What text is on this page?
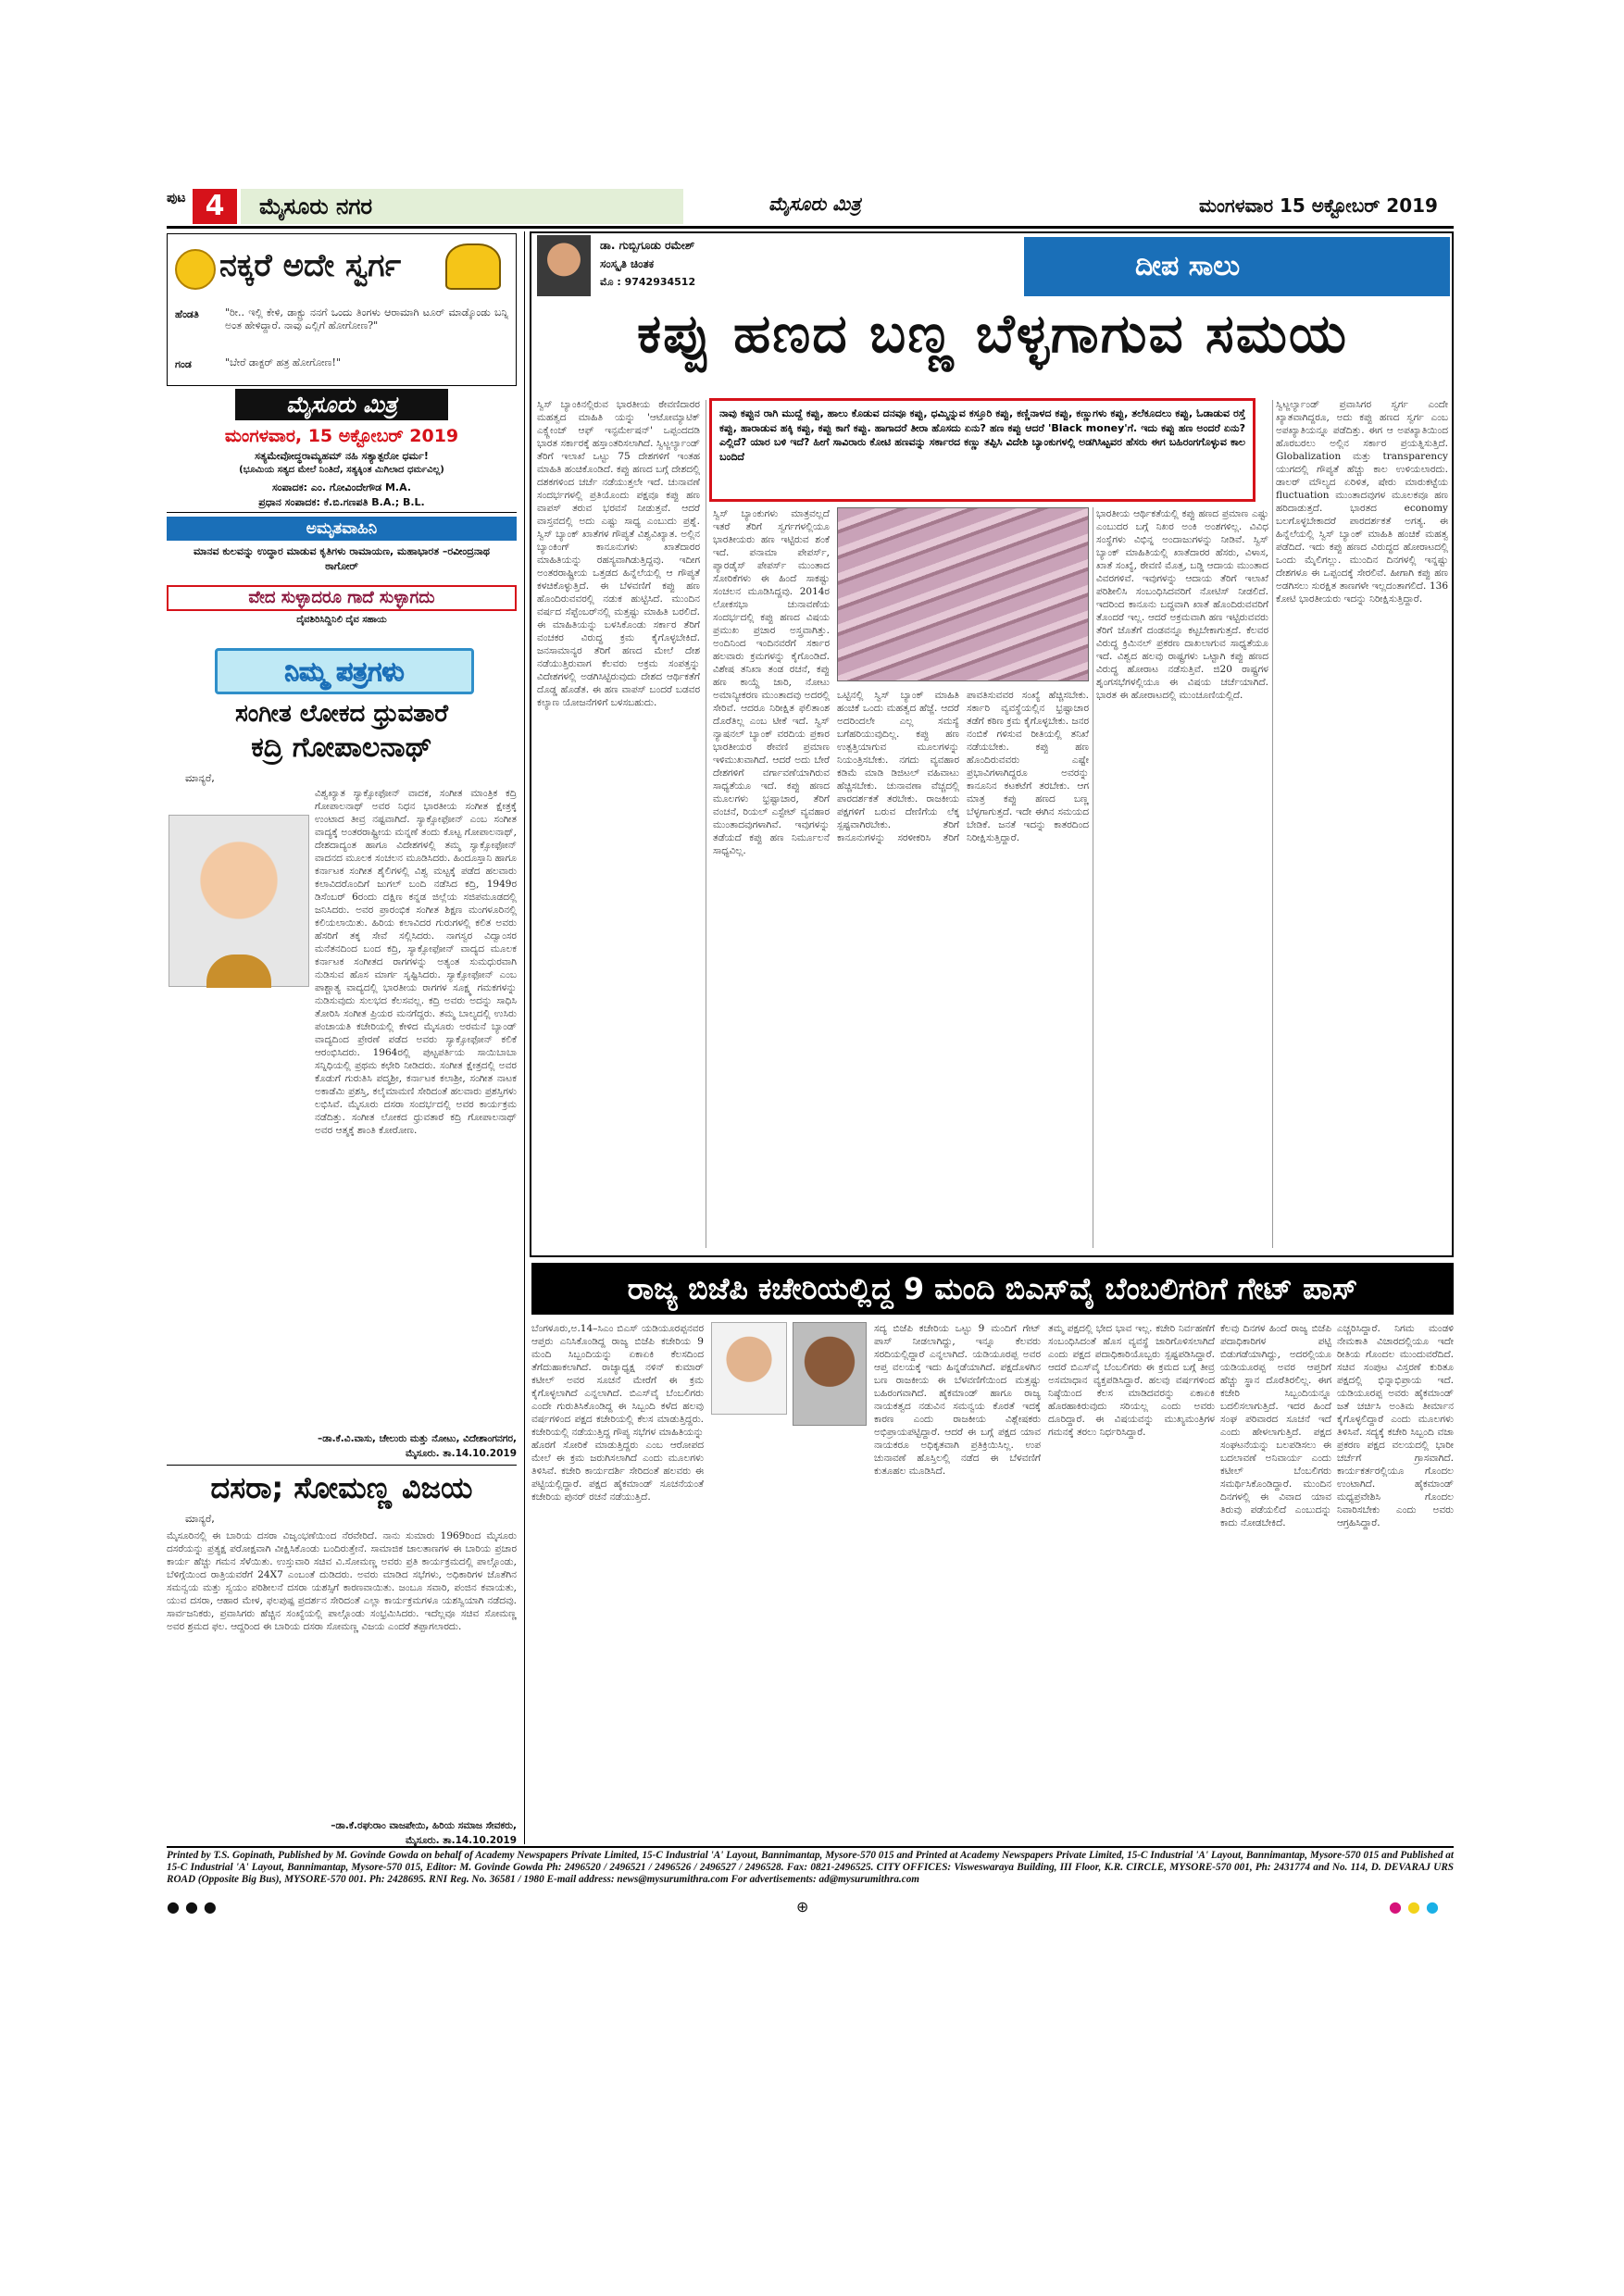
ಪುಟ 4	ಮೈಸೂರು ನಗರ	ಮೈಸೂರು ಮಿತ್ರ	ಮಂಗಳವಾರ 15 ಅಕ್ಟೋಬರ್ 2019
ನಕ್ಕರೆ ಅದೇ ಸ್ವರ್ಗ
ಹೆಂಡತಿ	"ರೀ.. ಇಲ್ಲಿ ಕೇಳಿ, ಡಾಕ್ಟ್ರು ನನಗೆ ಒಂದು ತಿಂಗಳು ಆರಾಮಾಗಿ ಟೂರ್ ಮಾಡ್ಕೊಂಡು ಬನ್ನಿ ಅಂತ ಹೇಳಿದ್ದಾರೆ. ನಾವು ಎಲ್ಲಿಗೆ ಹೋಗೋಣ?"
ಗಂಡ	"ಬೇರೆ ಡಾಕ್ಟರ್ ಹತ್ರ ಹೋಗೋಣ!"
ಮೈಸೂರು ಮಿತ್ರ
ಮಂಗಳವಾರ, 15 ಅಕ್ಟೋಬರ್ 2019
ಸತ್ಯಮೇವೋದ್ಧರಾಮ್ಯಹಮ್ ನಹಿ ಸತ್ಯಾತ್ಪರೋ ಧರ್ಮ!
(ಭೂಮಿಯ ಸತ್ಯದ ಮೇಲೆ ನಿಂತಿದೆ, ಸತ್ಯಕ್ಕಿಂತ ಮಿಗಿಲಾದ ಧರ್ಮವಿಲ್ಲ)
ಸಂಪಾದಕ: ಎಂ. ಗೋವಿಂದೇಗೌಡ M.A.
ಪ್ರಧಾನ ಸಂಪಾದಕ: ಕೆ.ಬಿ.ಗಣಪತಿ B.A.; B.L.
ಅಮೃತವಾಹಿನಿ
ಮಾನವ ಕುಲವನ್ನು ಉದ್ಧಾರ ಮಾಡುವ ಕೃತಿಗಳು ರಾಮಾಯಣ, ಮಹಾಭಾರತ –ರವೀಂದ್ರನಾಥ ಠಾಗೋರ್
ವೇದ ಸುಳ್ಳಾದರೂ ಗಾದೆ ಸುಳ್ಳಾಗದು
ದೈವಶಿರಿಸಿದ್ದಿನಿಲಿ ದೈವ ಸಹಾಯ
ನಿಮ್ಮ ಪತ್ರಗಳು
ಸಂಗೀತ ಲೋಕದ ಧ್ರುವತಾರೆ
ಕದ್ರಿ ಗೋಪಾಲನಾಥ್
ಮಾನ್ಯರೆ,
ವಿಶ್ವಖ್ಯಾತ ಸ್ಯಾಕ್ಸೋಫೋನ್ ವಾದಕ, ಸಂಗೀತ ಮಾಂತ್ರಿಕ ಕದ್ರಿ ಗೋಪಾಲನಾಥ್ ಅವರ ನಿಧನ ಭಾರತೀಯ ಸಂಗೀತ ಕ್ಷೇತ್ರಕ್ಕೆ ಉಂಟಾದ ತೀವ್ರ ನಷ್ಟವಾಗಿದೆ. ಸ್ಯಾಕ್ಸೋಫೋನ್ ಎಂಬ ಸಂಗೀತ ವಾದ್ಯಕ್ಕೆ ಅಂತರರಾಷ್ಟ್ರೀಯ ಮನ್ನಣೆ ತಂದು ಕೊಟ್ಟ ಗೋಪಾಲನಾಥ್, ದೇಶದಾದ್ಯಂತ ಹಾಗೂ ವಿದೇಶಗಳಲ್ಲಿ ತಮ್ಮ ಸ್ಯಾಕ್ಸೋಫೋನ್ ವಾದನದ ಮೂಲಕ ಸಂಚಲನ ಮೂಡಿಸಿದರು. ಹಿಂದೂಸ್ತಾನಿ ಹಾಗೂ ಕರ್ನಾಟಕ ಸಂಗೀತ ಶೈಲಿಗಳಲ್ಲಿ ವಿಶ್ವ ಮಟ್ಟಕ್ಕೆ ಪಡೆದ ಹಲವಾರು ಕಲಾವಿದರೊಂದಿಗೆ ಜುಗಲ್ ಬಂದಿ ನಡೆಸಿದ ಕದ್ರಿ, 1949ರ ಡಿಸೆಂಬರ್ 6ರಂದು ದಕ್ಷಿಣ ಕನ್ನಡ ಜಿಲ್ಲೆಯ ಸಜಿಪಮೂಡದಲ್ಲಿ ಜನಿಸಿದರು. ಅವರ ಪ್ರಾರಂಭಿಕ ಸಂಗೀತ ಶಿಕ್ಷಣ ಮಂಗಳೂರಿನಲ್ಲಿ ಕಲಿಯಲಾಯಿತು. ಹಿರಿಯ ಕಲಾವಿದರ ಗುರುಗಳಲ್ಲಿ ಕಲಿತ ಅವರು ಹೆಸರಿಗೆ ತಕ್ಕ ಸೇವೆ ಸಲ್ಲಿಸಿದರು. ನಾಗಸ್ವರ ವಿದ್ವಾಂಸರ ಮನೆತನದಿಂದ ಬಂದ ಕದ್ರಿ, ಸ್ಯಾಕ್ಸೋಫೋನ್ ವಾದ್ಯದ ಮೂಲಕ ಕರ್ನಾಟಕ ಸಂಗೀತದ ರಾಗಗಳನ್ನು ಅತ್ಯಂತ ಸುಮಧುರವಾಗಿ ನುಡಿಸುವ ಹೊಸ ಮಾರ್ಗ ಸೃಷ್ಟಿಸಿದರು. ಸ್ಯಾಕ್ಸೋಫೋನ್ ಎಂಬ ಪಾಶ್ಚಾತ್ಯ ವಾದ್ಯದಲ್ಲಿ ಭಾರತೀಯ ರಾಗಗಳ ಸೂಕ್ಷ್ಮ ಗಮಕಗಳನ್ನು ನುಡಿಸುವುದು ಸುಲಭದ ಕೆಲಸವಲ್ಲ. ಕದ್ರಿ ಅವರು ಅದನ್ನು ಸಾಧಿಸಿ ತೋರಿಸಿ ಸಂಗೀತ ಪ್ರಿಯರ ಮನಗೆದ್ದರು. ತಮ್ಮ ಬಾಲ್ಯದಲ್ಲಿ ಉಸಿರು ಪಂಚಾಯತಿ ಕಚೇರಿಯಲ್ಲಿ ಕೇಳಿದ ಮೈಸೂರು ಅರಮನೆ ಬ್ಯಾಂಡ್ ವಾದ್ಯದಿಂದ ಪ್ರೇರಣೆ ಪಡೆದ ಅವರು ಸ್ಯಾಕ್ಸೋಫೋನ್ ಕಲಿಕೆ ಆರಂಭಿಸಿದರು. 1964ರಲ್ಲಿ ಪುಟ್ಟಪರ್ತಿಯ ಸಾಯಿಬಾಬಾ ಸನ್ನಿಧಿಯಲ್ಲಿ ಪ್ರಥಮ ಕಛೇರಿ ನೀಡಿದರು. ಸಂಗೀತ ಕ್ಷೇತ್ರದಲ್ಲಿ ಅವರ ಕೊಡುಗೆ ಗುರುತಿಸಿ ಪದ್ಮಶ್ರೀ, ಕರ್ನಾಟಕ ಕಲಾಶ್ರೀ, ಸಂಗೀತ ನಾಟಕ ಅಕಾಡೆಮಿ ಪ್ರಶಸ್ತಿ, ಕಲೈಮಾಮಣಿ ಸೇರಿದಂತೆ ಹಲವಾರು ಪ್ರಶಸ್ತಿಗಳು ಲಭಿಸಿವೆ. ಮೈಸೂರು ದಸರಾ ಸಂದರ್ಭದಲ್ಲಿ ಅವರ ಕಾರ್ಯಕ್ರಮ ನಡೆದಿತ್ತು. ಸಂಗೀತ ಲೋಕದ ಧ್ರುವತಾರೆ ಕದ್ರಿ ಗೋಪಾಲನಾಥ್ ಅವರ ಆತ್ಮಕ್ಕೆ ಶಾಂತಿ ಕೋರೋಣ.
–ಡಾ.ಕೆ.ವಿ.ವಾಸು, ಚೇಲುರು ಮತ್ತು ನೋಟು, ವಿದೇಶಾಂಗನಗರ,
ಮೈಸೂರು. ತಾ.14.10.2019
ದಸರಾ; ಸೋಮಣ್ಣ ವಿಜಯ
ಮಾನ್ಯರೆ,
ಮೈಸೂರಿನಲ್ಲಿ ಈ ಬಾರಿಯ ದಸರಾ ವಿಜೃಂಭಣೆಯಿಂದ ನೆರವೇರಿದೆ. ನಾನು ಸುಮಾರು 1969ರಿಂದ ಮೈಸೂರು ದಸರೆಯನ್ನು ಪ್ರತ್ಯಕ್ಷ ಪರೋಕ್ಷವಾಗಿ ವೀಕ್ಷಿಸಿಕೊಂಡು ಬಂದಿರುತ್ತೇನೆ. ಸಾಮಾಜಿಕ ಜಾಲತಾಣಗಳ ಈ ಬಾರಿಯ ಪ್ರಚಾರ ಕಾರ್ಯ ಹೆಚ್ಚು ಗಮನ ಸೆಳೆಯಿತು. ಉಸ್ತುವಾರಿ ಸಚಿವ ವಿ.ಸೋಮಣ್ಣ ಅವರು ಪ್ರತಿ ಕಾರ್ಯಕ್ರಮದಲ್ಲಿ ಪಾಲ್ಗೊಂಡು, ಬೆಳಿಗ್ಗೆಯಿಂದ ರಾತ್ರಿಯವರೆಗೆ 24X7 ಎಂಬಂತೆ ದುಡಿದರು. ಅವರು ಮಾಡಿದ ಸಭೆಗಳು, ಅಧಿಕಾರಿಗಳ ಜೊತೆಗಿನ ಸಮನ್ವಯ ಮತ್ತು ಸ್ವಯಂ ಪರಿಶೀಲನೆ ದಸರಾ ಯಶಸ್ಸಿಗೆ ಕಾರಣವಾಯಿತು. ಜಂಬೂ ಸವಾರಿ, ಪಂಜಿನ ಕವಾಯತು, ಯುವ ದಸರಾ, ಆಹಾರ ಮೇಳ, ಫಲಪುಷ್ಪ ಪ್ರದರ್ಶನ ಸೇರಿದಂತೆ ಎಲ್ಲಾ ಕಾರ್ಯಕ್ರಮಗಳೂ ಯಶಸ್ವಿಯಾಗಿ ನಡೆದವು. ಸಾರ್ವಜನಿಕರು, ಪ್ರವಾಸಿಗರು ಹೆಚ್ಚಿನ ಸಂಖ್ಯೆಯಲ್ಲಿ ಪಾಲ್ಗೊಂಡು ಸಂಭ್ರಮಿಸಿದರು. ಇದೆಲ್ಲವೂ ಸಚಿವ ಸೋಮಣ್ಣ ಅವರ ಶ್ರಮದ ಫಲ. ಆದ್ದರಿಂದ ಈ ಬಾರಿಯ ದಸರಾ ಸೋಮಣ್ಣ ವಿಜಯ ಎಂದರೆ ತಪ್ಪಾಗಲಾರದು.
–ಡಾ.ಕೆ.ರಘುರಾಂ ವಾಜಪೇಯಿ, ಹಿರಿಯ ಸಮಾಜ ಸೇವಕರು,
ಮೈಸೂರು. ತಾ.14.10.2019
ಡಾ. ಗುಬ್ಬಿಗೂಡು ರಮೇಶ್
ಸಂಸ್ಕೃತಿ ಚಿಂತಕ
ಮೊ : 9742934512	ದೀಪ ಸಾಲು
ಕಪ್ಪು ಹಣದ ಬಣ್ಣ ಬೆಳ್ಳಗಾಗುವ ಸಮಯ
ಸ್ವಿಸ್ ಬ್ಯಾಂಕಿನಲ್ಲಿರುವ ಭಾರತೀಯ ಠೇವಣಿದಾರರ ಮಹತ್ವದ ಮಾಹಿತಿ ಯನ್ನು 'ಆಟೋಮ್ಯಾಟಿಕ್ ಎಕ್ಸ್ಚೇಂಜ್ ಆಫ್ ಇನ್ಫರ್ಮೇಷನ್' ಒಪ್ಪಂದದಡಿ ಭಾರತ ಸರ್ಕಾರಕ್ಕೆ ಹಸ್ತಾಂತರಿಸಲಾಗಿದೆ. ಸ್ವಿಟ್ಜರ್ಲ್ಯಾಂಡ್ ತೆರಿಗೆ ಇಲಾಖೆ ಒಟ್ಟು 75 ದೇಶಗಳಿಗೆ ಇಂತಹ ಮಾಹಿತಿ ಹಂಚಿಕೊಂಡಿದೆ. ಕಪ್ಪು ಹಣದ ಬಗ್ಗೆ ದೇಶದಲ್ಲಿ ದಶಕಗಳಿಂದ ಚರ್ಚೆ ನಡೆಯುತ್ತಲೇ ಇದೆ. ಚುನಾವಣೆ ಸಂದರ್ಭಗಳಲ್ಲಿ ಪ್ರತಿಯೊಂದು ಪಕ್ಷವೂ ಕಪ್ಪು ಹಣ ವಾಪಸ್ ತರುವ ಭರವಸೆ ನೀಡುತ್ತವೆ. ಆದರೆ ವಾಸ್ತವದಲ್ಲಿ ಅದು ಎಷ್ಟು ಸಾಧ್ಯ ಎಂಬುದು ಪ್ರಶ್ನೆ. ಸ್ವಿಸ್ ಬ್ಯಾಂಕ್ ಖಾತೆಗಳ ಗೌಪ್ಯತೆ ವಿಶ್ವವಿಖ್ಯಾತ. ಅಲ್ಲಿನ ಬ್ಯಾಂಕಿಂಗ್ ಕಾನೂನುಗಳು ಖಾತೆದಾರರ ಮಾಹಿತಿಯನ್ನು ರಹಸ್ಯವಾಗಿಡುತ್ತಿದ್ದವು. ಇದೀಗ ಅಂತರರಾಷ್ಟ್ರೀಯ ಒತ್ತಡದ ಹಿನ್ನೆಲೆಯಲ್ಲಿ ಆ ಗೌಪ್ಯತೆ ಕಳಚಿಕೊಳ್ಳುತ್ತಿದೆ. ಈ ಬೆಳವಣಿಗೆ ಕಪ್ಪು ಹಣ ಹೊಂದಿರುವವರಲ್ಲಿ ನಡುಕ ಹುಟ್ಟಿಸಿದೆ. ಮುಂದಿನ ವರ್ಷದ ಸೆಪ್ಟೆಂಬರ್‌ನಲ್ಲಿ ಮತ್ತಷ್ಟು ಮಾಹಿತಿ ಬರಲಿದೆ. ಈ ಮಾಹಿತಿಯನ್ನು ಬಳಸಿಕೊಂಡು ಸರ್ಕಾರ ತೆರಿಗೆ ವಂಚಕರ ವಿರುದ್ಧ ಕ್ರಮ ಕೈಗೊಳ್ಳಬೇಕಿದೆ. ಜನಸಾಮಾನ್ಯರ ತೆರಿಗೆ ಹಣದ ಮೇಲೆ ದೇಶ ನಡೆಯುತ್ತಿರುವಾಗ ಕೆಲವರು ಅಕ್ರಮ ಸಂಪತ್ತನ್ನು ವಿದೇಶಗಳಲ್ಲಿ ಅಡಗಿಸಿಟ್ಟಿರುವುದು ದೇಶದ ಆರ್ಥಿಕತೆಗೆ ದೊಡ್ಡ ಹೊಡೆತ. ಈ ಹಣ ವಾಪಸ್ ಬಂದರೆ ಬಡವರ ಕಲ್ಯಾಣ ಯೋಜನೆಗಳಿಗೆ ಬಳಸಬಹುದು.
ನಾವು ಕಪ್ಪುನ ರಾಗಿ ಮುದ್ದೆ ಕಪ್ಪು, ಹಾಲು ಕೊಡುವ ದನವೂ ಕಪ್ಪು, ಧಮ್ಮಿನ್ನುವ ಕಸ್ತೂರಿ ಕಪ್ಪು, ಕಣ್ಣಿನಾಳದ ಕಪ್ಪು, ಕಣ್ಣುಗಳು ಕಪ್ಪು, ತಲೆಕೂದಲು ಕಪ್ಪು, ಓಡಾಡುವ ರಸ್ತೆ ಕಪ್ಪು, ಹಾರಾಡುವ ಹಕ್ಕಿ ಕಪ್ಪು, ಕಪ್ಪು ಕಾಗೆ ಕಪ್ಪು. ಹಾಗಾದರೆ ತೀರಾ ಹೊಸದು ಏನು? ಹಣ ಕಪ್ಪು ಆದರೆ 'Black money'ಗೆ. ಇದು ಕಪ್ಪು ಹಣ ಅಂದರೆ ಏನು? ಎಲ್ಲಿದೆ? ಯಾರ ಬಳಿ ಇದೆ? ಹೀಗೆ ಸಾವಿರಾರು ಕೋಟಿ ಹಣವನ್ನು ಸರ್ಕಾರದ ಕಣ್ಣು ತಪ್ಪಿಸಿ ವಿದೇಶಿ ಬ್ಯಾಂಕುಗಳಲ್ಲಿ ಅಡಗಿಸಿಟ್ಟವರ ಹೆಸರು ಈಗ ಬಹಿರಂಗಗೊಳ್ಳುವ ಕಾಲ ಬಂದಿದೆ
ಸ್ವಿಸ್ ಬ್ಯಾಂಕುಗಳು ಮಾತ್ರವಲ್ಲದೆ ಇತರೆ ತೆರಿಗೆ ಸ್ವರ್ಗಗಳಲ್ಲಿಯೂ ಭಾರತೀಯರು ಹಣ ಇಟ್ಟಿರುವ ಶಂಕೆ ಇದೆ. ಪನಾಮಾ ಪೇಪರ್ಸ್, ಪ್ಯಾರಡೈಸ್ ಪೇಪರ್ಸ್ ಮುಂತಾದ ಸೋರಿಕೆಗಳು ಈ ಹಿಂದೆ ಸಾಕಷ್ಟು ಸಂಚಲನ ಮೂಡಿಸಿದ್ದವು. 2014ರ ಲೋಕಸಭಾ ಚುನಾವಣೆಯ ಸಂದರ್ಭದಲ್ಲಿ ಕಪ್ಪು ಹಣದ ವಿಷಯ ಪ್ರಮುಖ ಪ್ರಚಾರ ಅಸ್ತ್ರವಾಗಿತ್ತು. ಅಂದಿನಿಂದ ಇಂದಿನವರೆಗೆ ಸರ್ಕಾರ ಹಲವಾರು ಕ್ರಮಗಳನ್ನು ಕೈಗೊಂಡಿದೆ. ವಿಶೇಷ ತನಿಖಾ ತಂಡ ರಚನೆ, ಕಪ್ಪು ಹಣ ಕಾಯ್ದೆ ಜಾರಿ, ನೋಟು ಅಮಾನ್ಯೀಕರಣ ಮುಂತಾದವು ಅದರಲ್ಲಿ ಸೇರಿವೆ. ಆದರೂ ನಿರೀಕ್ಷಿತ ಫಲಿತಾಂಶ ದೊರೆತಿಲ್ಲ ಎಂಬ ಟೀಕೆ ಇದೆ. ಸ್ವಿಸ್ ನ್ಯಾಷನಲ್ ಬ್ಯಾಂಕ್ ವರದಿಯ ಪ್ರಕಾರ ಭಾರತೀಯರ ಠೇವಣಿ ಪ್ರಮಾಣ ಇಳಿಮುಖವಾಗಿದೆ. ಆದರೆ ಅದು ಬೇರೆ ದೇಶಗಳಿಗೆ ವರ್ಗಾವಣೆಯಾಗಿರುವ ಸಾಧ್ಯತೆಯೂ ಇದೆ. ಕಪ್ಪು ಹಣದ ಮೂಲಗಳು ಭ್ರಷ್ಟಾಚಾರ, ತೆರಿಗೆ ವಂಚನೆ, ರಿಯಲ್ ಎಸ್ಟೇಟ್ ವ್ಯವಹಾರ ಮುಂತಾದವುಗಳಾಗಿವೆ. ಇವುಗಳನ್ನು ತಡೆಯದೆ ಕಪ್ಪು ಹಣ ನಿರ್ಮೂಲನೆ ಸಾಧ್ಯವಿಲ್ಲ.
ಒಟ್ಟಿನಲ್ಲಿ ಸ್ವಿಸ್ ಬ್ಯಾಂಕ್ ಮಾಹಿತಿ ಹಂಚಿಕೆ ಒಂದು ಮಹತ್ವದ ಹೆಜ್ಜೆ. ಆದರೆ ಅದರಿಂದಲೇ ಎಲ್ಲ ಸಮಸ್ಯೆ ಬಗೆಹರಿಯುವುದಿಲ್ಲ. ಕಪ್ಪು ಹಣ ಉತ್ಪತ್ತಿಯಾಗುವ ಮೂಲಗಳನ್ನು ನಿಯಂತ್ರಿಸಬೇಕು. ನಗದು ವ್ಯವಹಾರ ಕಡಿಮೆ ಮಾಡಿ ಡಿಜಿಟಲ್ ವಹಿವಾಟು ಹೆಚ್ಚಿಸಬೇಕು. ಚುನಾವಣಾ ವೆಚ್ಚದಲ್ಲಿ ಪಾರದರ್ಶಕತೆ ತರಬೇಕು. ರಾಜಕೀಯ ಪಕ್ಷಗಳಿಗೆ ಬರುವ ದೇಣಿಗೆಯ ಲೆಕ್ಕ ಸ್ಪಷ್ಟವಾಗಿರಬೇಕು. ತೆರಿಗೆ ಕಾನೂನುಗಳನ್ನು ಸರಳೀಕರಿಸಿ ತೆರಿಗೆ ಪಾವತಿಸುವವರ ಸಂಖ್ಯೆ ಹೆಚ್ಚಿಸಬೇಕು. ಸರ್ಕಾರಿ ವ್ಯವಸ್ಥೆಯಲ್ಲಿನ ಭ್ರಷ್ಟಾಚಾರ ತಡೆಗೆ ಕಠಿಣ ಕ್ರಮ ಕೈಗೊಳ್ಳಬೇಕು. ಜನರ ನಂಬಿಕೆ ಗಳಿಸುವ ರೀತಿಯಲ್ಲಿ ತನಿಖೆ ನಡೆಯಬೇಕು. ಕಪ್ಪು ಹಣ ಹೊಂದಿರುವವರು ಎಷ್ಟೇ ಪ್ರಭಾವಿಗಳಾಗಿದ್ದರೂ ಅವರನ್ನು ಕಾನೂನಿನ ಕಟಕಟೆಗೆ ತರಬೇಕು. ಆಗ ಮಾತ್ರ ಕಪ್ಪು ಹಣದ ಬಣ್ಣ ಬೆಳ್ಳಗಾಗುತ್ತದೆ. ಇದೇ ಈಗಿನ ಸಮಯದ ಬೇಡಿಕೆ. ಜನತೆ ಇದನ್ನು ಕಾತರದಿಂದ ನಿರೀಕ್ಷಿಸುತ್ತಿದ್ದಾರೆ.
ಭಾರತೀಯ ಆರ್ಥಿಕತೆಯಲ್ಲಿ ಕಪ್ಪು ಹಣದ ಪ್ರಮಾಣ ಎಷ್ಟು ಎಂಬುದರ ಬಗ್ಗೆ ನಿಖರ ಅಂಕಿ ಅಂಶಗಳಿಲ್ಲ. ವಿವಿಧ ಸಂಸ್ಥೆಗಳು ವಿಭಿನ್ನ ಅಂದಾಜುಗಳನ್ನು ನೀಡಿವೆ. ಸ್ವಿಸ್ ಬ್ಯಾಂಕ್ ಮಾಹಿತಿಯಲ್ಲಿ ಖಾತೆದಾರರ ಹೆಸರು, ವಿಳಾಸ, ಖಾತೆ ಸಂಖ್ಯೆ, ಠೇವಣಿ ಮೊತ್ತ, ಬಡ್ಡಿ ಆದಾಯ ಮುಂತಾದ ವಿವರಗಳಿವೆ. ಇವುಗಳನ್ನು ಆದಾಯ ತೆರಿಗೆ ಇಲಾಖೆ ಪರಿಶೀಲಿಸಿ ಸಂಬಂಧಿಸಿದವರಿಗೆ ನೋಟಿಸ್ ನೀಡಲಿದೆ. ಇದರಿಂದ ಕಾನೂನು ಬದ್ಧವಾಗಿ ಖಾತೆ ಹೊಂದಿರುವವರಿಗೆ ತೊಂದರೆ ಇಲ್ಲ. ಆದರೆ ಅಕ್ರಮವಾಗಿ ಹಣ ಇಟ್ಟಿರುವವರು ತೆರಿಗೆ ಜೊತೆಗೆ ದಂಡವನ್ನೂ ಕಟ್ಟಬೇಕಾಗುತ್ತದೆ. ಕೆಲವರ ವಿರುದ್ಧ ಕ್ರಿಮಿನಲ್ ಪ್ರಕರಣ ದಾಖಲಾಗುವ ಸಾಧ್ಯತೆಯೂ ಇದೆ. ವಿಶ್ವದ ಹಲವು ರಾಷ್ಟ್ರಗಳು ಒಟ್ಟಾಗಿ ಕಪ್ಪು ಹಣದ ವಿರುದ್ಧ ಹೋರಾಟ ನಡೆಸುತ್ತಿವೆ. ಜಿ20 ರಾಷ್ಟ್ರಗಳ ಶೃಂಗಸಭೆಗಳಲ್ಲಿಯೂ ಈ ವಿಷಯ ಚರ್ಚೆಯಾಗಿದೆ. ಭಾರತ ಈ ಹೋರಾಟದಲ್ಲಿ ಮುಂಚೂಣಿಯಲ್ಲಿದೆ.
ಸ್ವಿಟ್ಜರ್ಲ್ಯಾಂಡ್ ಪ್ರವಾಸಿಗರ ಸ್ವರ್ಗ ಎಂದೇ ಖ್ಯಾತವಾಗಿದ್ದರೂ, ಅದು ಕಪ್ಪು ಹಣದ ಸ್ವರ್ಗ ಎಂಬ ಅಪಖ್ಯಾತಿಯನ್ನೂ ಪಡೆದಿತ್ತು. ಈಗ ಆ ಅಪಖ್ಯಾತಿಯಿಂದ ಹೊರಬರಲು ಅಲ್ಲಿನ ಸರ್ಕಾರ ಪ್ರಯತ್ನಿಸುತ್ತಿದೆ. Globalization ಮತ್ತು transparency ಯುಗದಲ್ಲಿ ಗೌಪ್ಯತೆ ಹೆಚ್ಚು ಕಾಲ ಉಳಿಯಲಾರದು. ಡಾಲರ್ ಮೌಲ್ಯದ ಏರಿಳಿತ, ಷೇರು ಮಾರುಕಟ್ಟೆಯ fluctuation ಮುಂತಾದವುಗಳ ಮೂಲಕವೂ ಹಣ ಹರಿದಾಡುತ್ತದೆ. ಭಾರತದ economy ಬಲಗೊಳ್ಳಬೇಕಾದರೆ ಪಾರದರ್ಶಕತೆ ಅಗತ್ಯ. ಈ ಹಿನ್ನೆಲೆಯಲ್ಲಿ ಸ್ವಿಸ್ ಬ್ಯಾಂಕ್ ಮಾಹಿತಿ ಹಂಚಿಕೆ ಮಹತ್ವ ಪಡೆದಿದೆ. ಇದು ಕಪ್ಪು ಹಣದ ವಿರುದ್ಧದ ಹೋರಾಟದಲ್ಲಿ ಒಂದು ಮೈಲಿಗಲ್ಲು. ಮುಂದಿನ ದಿನಗಳಲ್ಲಿ ಇನ್ನಷ್ಟು ದೇಶಗಳೂ ಈ ಒಪ್ಪಂದಕ್ಕೆ ಸೇರಲಿವೆ. ಹೀಗಾಗಿ ಕಪ್ಪು ಹಣ ಅಡಗಿಸಲು ಸುರಕ್ಷಿತ ತಾಣಗಳೇ ಇಲ್ಲದಂತಾಗಲಿದೆ. 136 ಕೋಟಿ ಭಾರತೀಯರು ಇದನ್ನು ನಿರೀಕ್ಷಿಸುತ್ತಿದ್ದಾರೆ.
ರಾಜ್ಯ ಬಿಜೆಪಿ ಕಚೇರಿಯಲ್ಲಿದ್ದ 9 ಮಂದಿ ಬಿಎಸ್‌ವೈ ಬೆಂಬಲಿಗರಿಗೆ ಗೇಟ್ ಪಾಸ್
ಬೆಂಗಳೂರು,ಅ.14–ಸಿಎಂ ಬಿಎಸ್ ಯಡಿಯೂರಪ್ಪನವರ ಆಪ್ತರು ಎನಿಸಿಕೊಂಡಿದ್ದ ರಾಜ್ಯ ಬಿಜೆಪಿ ಕಚೇರಿಯ 9 ಮಂದಿ ಸಿಬ್ಬಂದಿಯನ್ನು ಏಕಾಏಕಿ ಕೆಲಸದಿಂದ ತೆಗೆದುಹಾಕಲಾಗಿದೆ. ರಾಜ್ಯಾಧ್ಯಕ್ಷ ನಳಿನ್ ಕುಮಾರ್ ಕಟೀಲ್ ಅವರ ಸೂಚನೆ ಮೇರೆಗೆ ಈ ಕ್ರಮ ಕೈಗೊಳ್ಳಲಾಗಿದೆ ಎನ್ನಲಾಗಿದೆ. ಬಿಎಸ್‌ವೈ ಬೆಂಬಲಿಗರು ಎಂದೇ ಗುರುತಿಸಿಕೊಂಡಿದ್ದ ಈ ಸಿಬ್ಬಂದಿ ಕಳೆದ ಹಲವು ವರ್ಷಗಳಿಂದ ಪಕ್ಷದ ಕಚೇರಿಯಲ್ಲಿ ಕೆಲಸ ಮಾಡುತ್ತಿದ್ದರು. ಕಚೇರಿಯಲ್ಲಿ ನಡೆಯುತ್ತಿದ್ದ ಗೌಪ್ಯ ಸಭೆಗಳ ಮಾಹಿತಿಯನ್ನು ಹೊರಗೆ ಸೋರಿಕೆ ಮಾಡುತ್ತಿದ್ದರು ಎಂಬ ಆರೋಪದ ಮೇಲೆ ಈ ಕ್ರಮ ಜರುಗಿಸಲಾಗಿದೆ ಎಂದು ಮೂಲಗಳು ತಿಳಿಸಿವೆ. ಕಚೇರಿ ಕಾರ್ಯದರ್ಶಿ ಸೇರಿದಂತೆ ಹಲವರು ಈ ಪಟ್ಟಿಯಲ್ಲಿದ್ದಾರೆ. ಪಕ್ಷದ ಹೈಕಮಾಂಡ್ ಸೂಚನೆಯಂತೆ ಕಚೇರಿಯ ಪುನರ್ ರಚನೆ ನಡೆಯುತ್ತಿದೆ.
ಸದ್ಯ ಬಿಜೆಪಿ ಕಚೇರಿಯ ಒಟ್ಟು 9 ಮಂದಿಗೆ ಗೇಟ್ ಪಾಸ್ ನೀಡಲಾಗಿದ್ದು, ಇನ್ನೂ ಕೆಲವರು ಸರದಿಯಲ್ಲಿದ್ದಾರೆ ಎನ್ನಲಾಗಿದೆ. ಯಡಿಯೂರಪ್ಪ ಅವರ ಆಪ್ತ ವಲಯಕ್ಕೆ ಇದು ಹಿನ್ನಡೆಯಾಗಿದೆ. ಪಕ್ಷದೊಳಗಿನ ಬಣ ರಾಜಕೀಯ ಈ ಬೆಳವಣಿಗೆಯಿಂದ ಮತ್ತಷ್ಟು ಬಹಿರಂಗವಾಗಿದೆ. ಹೈಕಮಾಂಡ್ ಹಾಗೂ ರಾಜ್ಯ ನಾಯಕತ್ವದ ನಡುವಿನ ಸಮನ್ವಯ ಕೊರತೆ ಇದಕ್ಕೆ ಕಾರಣ ಎಂದು ರಾಜಕೀಯ ವಿಶ್ಲೇಷಕರು ಅಭಿಪ್ರಾಯಪಟ್ಟಿದ್ದಾರೆ. ಆದರೆ ಈ ಬಗ್ಗೆ ಪಕ್ಷದ ಯಾವ ನಾಯಕರೂ ಅಧಿಕೃತವಾಗಿ ಪ್ರತಿಕ್ರಿಯಿಸಿಲ್ಲ. ಉಪ ಚುನಾವಣೆ ಹೊಸ್ತಿಲಲ್ಲಿ ನಡೆದ ಈ ಬೆಳವಣಿಗೆ ಕುತೂಹಲ ಮೂಡಿಸಿದೆ.
ತಮ್ಮ ಪಕ್ಷದಲ್ಲಿ ಭೇದ ಭಾವ ಇಲ್ಲ. ಕಚೇರಿ ನಿರ್ವಹಣೆಗೆ ಸಂಬಂಧಿಸಿದಂತೆ ಹೊಸ ವ್ಯವಸ್ಥೆ ಜಾರಿಗೊಳಿಸಲಾಗಿದೆ ಎಂದು ಪಕ್ಷದ ಪದಾಧಿಕಾರಿಯೊಬ್ಬರು ಸ್ಪಷ್ಟಪಡಿಸಿದ್ದಾರೆ. ಆದರೆ ಬಿಎಸ್‌ವೈ ಬೆಂಬಲಿಗರು ಈ ಕ್ರಮದ ಬಗ್ಗೆ ತೀವ್ರ ಅಸಮಾಧಾನ ವ್ಯಕ್ತಪಡಿಸಿದ್ದಾರೆ. ಹಲವು ವರ್ಷಗಳಿಂದ ನಿಷ್ಠೆಯಿಂದ ಕೆಲಸ ಮಾಡಿದವರನ್ನು ಏಕಾಏಕಿ ಹೊರಹಾಕಿರುವುದು ಸರಿಯಲ್ಲ ಎಂದು ಅವರು ದೂರಿದ್ದಾರೆ. ಈ ವಿಷಯವನ್ನು ಮುಖ್ಯಮಂತ್ರಿಗಳ ಗಮನಕ್ಕೆ ತರಲು ನಿರ್ಧರಿಸಿದ್ದಾರೆ.
ಕೆಲವು ದಿನಗಳ ಹಿಂದೆ ರಾಜ್ಯ ಬಿಜೆಪಿ ಪದಾಧಿಕಾರಿಗಳ ಪಟ್ಟಿ ಬಿಡುಗಡೆಯಾಗಿದ್ದು, ಅದರಲ್ಲಿಯೂ ಯಡಿಯೂರಪ್ಪ ಅವರ ಆಪ್ತರಿಗೆ ಹೆಚ್ಚು ಸ್ಥಾನ ದೊರೆತಿರಲಿಲ್ಲ. ಈಗ ಕಚೇರಿ ಸಿಬ್ಬಂದಿಯನ್ನೂ ಬದಲಿಸಲಾಗುತ್ತಿದೆ. ಇದರ ಹಿಂದೆ ಸಂಘ ಪರಿವಾರದ ಸೂಚನೆ ಇದೆ ಎಂದು ಹೇಳಲಾಗುತ್ತಿದೆ. ಪಕ್ಷದ ಸಂಘಟನೆಯನ್ನು ಬಲಪಡಿಸಲು ಈ ಬದಲಾವಣೆ ಅನಿವಾರ್ಯ ಎಂದು ಕಟೀಲ್ ಬೆಂಬಲಿಗರು ಸಮರ್ಥಿಸಿಕೊಂಡಿದ್ದಾರೆ. ಮುಂದಿನ ದಿನಗಳಲ್ಲಿ ಈ ವಿವಾದ ಯಾವ ತಿರುವು ಪಡೆಯಲಿದೆ ಎಂಬುದನ್ನು ಕಾದು ನೋಡಬೇಕಿದೆ.
ಎಚ್ಚರಿಸಿದ್ದಾರೆ. ನಿಗಮ ಮಂಡಳಿ ನೇಮಕಾತಿ ವಿಚಾರದಲ್ಲಿಯೂ ಇದೇ ರೀತಿಯ ಗೊಂದಲ ಮುಂದುವರೆದಿದೆ. ಸಚಿವ ಸಂಪುಟ ವಿಸ್ತರಣೆ ಕುರಿತೂ ಪಕ್ಷದಲ್ಲಿ ಭಿನ್ನಾಭಿಪ್ರಾಯ ಇದೆ. ಯಡಿಯೂರಪ್ಪ ಅವರು ಹೈಕಮಾಂಡ್ ಜತೆ ಚರ್ಚಿಸಿ ಅಂತಿಮ ತೀರ್ಮಾನ ಕೈಗೊಳ್ಳಲಿದ್ದಾರೆ ಎಂದು ಮೂಲಗಳು ತಿಳಿಸಿವೆ. ಸದ್ಯಕ್ಕೆ ಕಚೇರಿ ಸಿಬ್ಬಂದಿ ವಜಾ ಪ್ರಕರಣ ಪಕ್ಷದ ವಲಯದಲ್ಲಿ ಭಾರೀ ಚರ್ಚೆಗೆ ಗ್ರಾಸವಾಗಿದೆ. ಕಾರ್ಯಕರ್ತರಲ್ಲಿಯೂ ಗೊಂದಲ ಉಂಟಾಗಿದೆ. ಹೈಕಮಾಂಡ್ ಮಧ್ಯಪ್ರವೇಶಿಸಿ ಗೊಂದಲ ನಿವಾರಿಸಬೇಕು ಎಂದು ಅವರು ಆಗ್ರಹಿಸಿದ್ದಾರೆ.
Printed by T.S. Gopinath, Published by M. Govinde Gowda on behalf of Academy Newspapers Private Limited, 15-C Industrial 'A' Layout, Bannimantap, Mysore-570 015 and Printed at Academy Newspapers Private Limited, 15-C Industrial 'A' Layout, Bannimantap, Mysore-570 015 and Published at 15-C Industrial 'A' Layout, Bannimantap, Mysore-570 015, Editor: M. Govinde Gowda Ph: 2496520 / 2496521 / 2496526 / 2496527 / 2496528. Fax: 0821-2496525. CITY OFFICES: Visweswaraya Building, III Floor, K.R. CIRCLE, MYSORE-570 001, Ph: 2431774 and No. 114, D. DEVARAJ URS ROAD (Opposite Big Bus), MYSORE-570 001. Ph: 2428695. RNI Reg. No. 36581 / 1980 E-mail address: news@mysurumithra.com For advertisements: ad@mysurumithra.com
●●●	⊕	●●●
